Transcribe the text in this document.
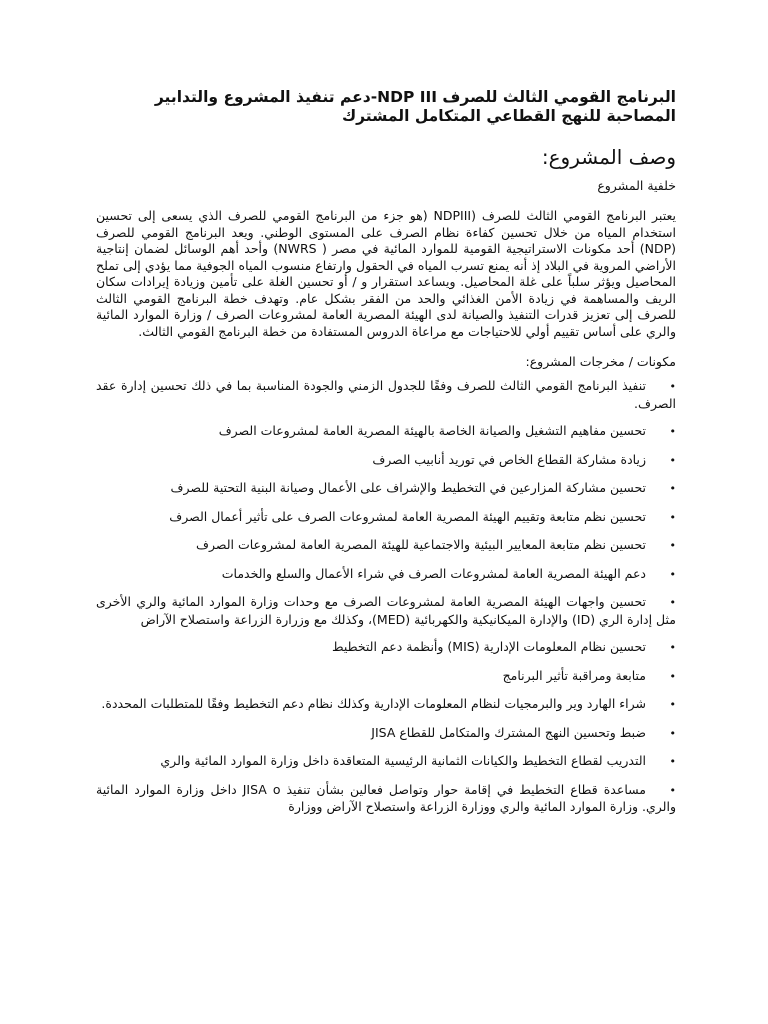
البرنامج القومي الثالث للصرف NDP III-دعم تنفيذ المشروع والتدابير
المصاحبة للنهج القطاعي المتكامل المشترك
وصف المشروع:
خلفية المشروع

يعتبر البرنامج القومي الثالث للصرف (NDPIII (هو جزء من البرنامج القومي للصرف الذي يسعى إلى تحسين استخدام المياه من خلال تحسين كفاءة نظام الصرف على المستوى الوطني. ويعد البرنامج القومي للصرف (NDP) أحد مكونات الاستراتيجية القومية للموارد المائية في مصر ( NWRS) وأحد أهم الوسائل لضمان إنتاجية الأراضي المروية في البلاد إذ أنه يمنع تسرب المياه في الحقول وارتفاع منسوب المياه الجوفية مما يؤدي إلى تملح المحاصيل ويؤثر سلباً على غلة المحاصيل. ويساعد استقرار و / أو تحسين الغلة على تأمين وزيادة إيرادات سكان الريف والمساهمة في زيادة الأمن الغذائي والحد من الفقر بشكل عام. وتهدف خطة البرنامج القومي الثالث للصرف إلى تعزيز قدرات التنفيذ والصيانة لدى الهيئة المصرية العامة لمشروعات الصرف / وزارة الموارد المائية والري على أساس تقييم أولي للاحتياجات مع مراعاة الدروس المستفادة من خطة البرنامج القومي الثالث.

مكونات / مخرجات المشروع:
•تنفيذ البرنامج القومي الثالث للصرف وفقًا للجدول الزمني والجودة المناسبة بما في ذلك تحسين إدارة عقد الصرف.
•تحسين مفاهيم التشغيل والصيانة الخاصة بالهيئة المصرية العامة لمشروعات الصرف
•زيادة مشاركة القطاع الخاص في توريد أنابيب الصرف
•تحسين مشاركة المزارعين في التخطيط والإشراف على الأعمال وصيانة البنية التحتية للصرف
•تحسين نظم متابعة وتقييم الهيئة المصرية العامة لمشروعات الصرف على تأثير أعمال الصرف
•تحسين نظم متابعة المعايير البيئية والاجتماعية للهيئة المصرية العامة لمشروعات الصرف
•دعم الهيئة المصرية العامة لمشروعات الصرف في شراء الأعمال والسلع والخدمات
•تحسين واجهات الهيئة المصرية العامة لمشروعات الصرف مع وحدات وزارة الموارد المائية والري الأخرى مثل إدارة الري (ID) والإدارة الميكانيكية والكهربائية (MED)، وكذلك مع وزرارة الزراعة واستصلاح الآراض
•تحسين نظام المعلومات الإدارية (MIS) وأنظمة دعم التخطيط
•متابعة ومراقبة تأثير البرنامج
•شراء الهارد وير والبرمجيات لنظام المعلومات الإدارية وكذلك نظام دعم التخطيط وفقًا للمتطلبات المحددة.
•ضبط وتحسين النهج المشترك والمتكامل للقطاع JISA
•التدريب لقطاع التخطيط والكيانات الثمانية الرئيسية المتعاقدة داخل وزارة الموارد المائية والري
•مساعدة قطاع التخطيط في إقامة حوار وتواصل فعالين بشأن تنفيذ JISA o داخل وزارة الموارد المائية والري. وزارة الموارد المائية والري ووزارة الزراعة واستصلاح الآراض ووزارة
